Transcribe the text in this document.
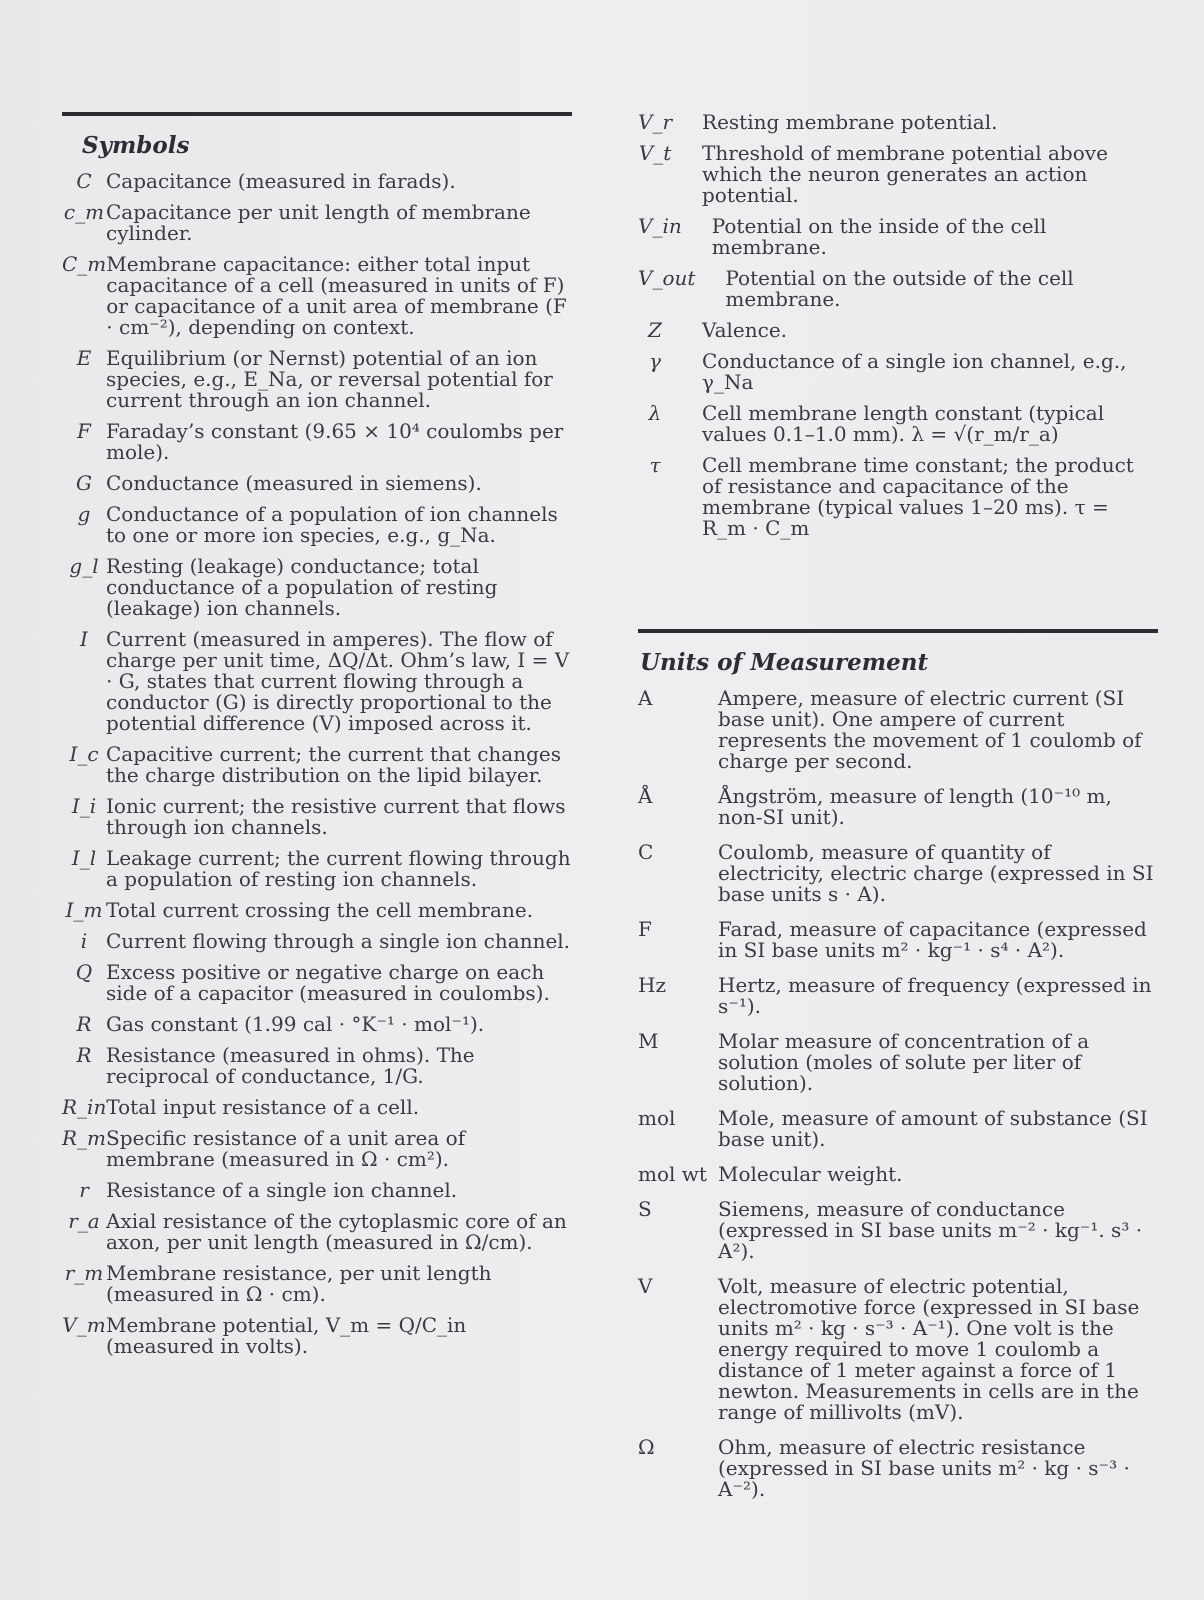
Symbols
C Capacitance (measured in farads).
c_m Capacitance per unit length of membrane cylinder.
C_m Membrane capacitance: either total input capacitance of a cell (measured in units of F) or capacitance of a unit area of membrane (F · cm⁻²), depending on context.
E Equilibrium (or Nernst) potential of an ion species, e.g., E_Na, or reversal potential for current through an ion channel.
F Faraday’s constant (9.65 × 10⁴ coulombs per mole).
G Conductance (measured in siemens).
g Conductance of a population of ion channels to one or more ion species, e.g., g_Na.
g_l Resting (leakage) conductance; total conductance of a population of resting (leakage) ion channels.
I Current (measured in amperes). The flow of charge per unit time, ΔQ/Δt. Ohm’s law, I = V · G, states that current flowing through a conductor (G) is directly proportional to the potential difference (V) imposed across it.
I_c Capacitive current; the current that changes the charge distribution on the lipid bilayer.
I_i Ionic current; the resistive current that flows through ion channels.
I_l Leakage current; the current flowing through a population of resting ion channels.
I_m Total current crossing the cell membrane.
i Current flowing through a single ion channel.
Q Excess positive or negative charge on each side of a capacitor (measured in coulombs).
R Gas constant (1.99 cal · °K⁻¹ · mol⁻¹).
R Resistance (measured in ohms). The reciprocal of conductance, 1/G.
R_in Total input resistance of a cell.
R_m Specific resistance of a unit area of membrane (measured in Ω · cm²).
r Resistance of a single ion channel.
r_a Axial resistance of the cytoplasmic core of an axon, per unit length (measured in Ω/cm).
r_m Membrane resistance, per unit length (measured in Ω · cm).
V_m Membrane potential, V_m = Q/C_in (measured in volts).
V_r Resting membrane potential.
V_t Threshold of membrane potential above which the neuron generates an action potential.
V_in Potential on the inside of the cell membrane.
V_out Potential on the outside of the cell membrane.
Z	Valence.
γ	Conductance of a single ion channel, e.g., γ_Na
λ	Cell membrane length constant (typical values 0.1–1.0 mm). λ = √(r_m/r_a)
τ	Cell membrane time constant; the product of resistance and capacitance of the membrane (typical values 1–20 ms). τ = R_m · C_m
Units of Measurement
A	Ampere, measure of electric current (SI base unit). One ampere of current represents the movement of 1 coulomb of charge per second.
Å	Ångström, measure of length (10⁻¹⁰ m, non-SI unit).
C	Coulomb, measure of quantity of electricity, electric charge (expressed in SI base units s · A).
F	Farad, measure of capacitance (expressed in SI base units m² · kg⁻¹ · s⁴ · A²).
Hz	Hertz, measure of frequency (expressed in s⁻¹).
M	Molar measure of concentration of a solution (moles of solute per liter of solution).
mol	Mole, measure of amount of substance (SI base unit).
mol wt Molecular weight.
S	Siemens, measure of conductance (expressed in SI base units m⁻² · kg⁻¹. s³ · A²).
V	Volt, measure of electric potential, electromotive force (expressed in SI base units m² · kg · s⁻³ · A⁻¹). One volt is the energy required to move 1 coulomb a distance of 1 meter against a force of 1 newton. Measurements in cells are in the range of millivolts (mV).
Ω	Ohm, measure of electric resistance (expressed in SI base units m² · kg · s⁻³ · A⁻²).
